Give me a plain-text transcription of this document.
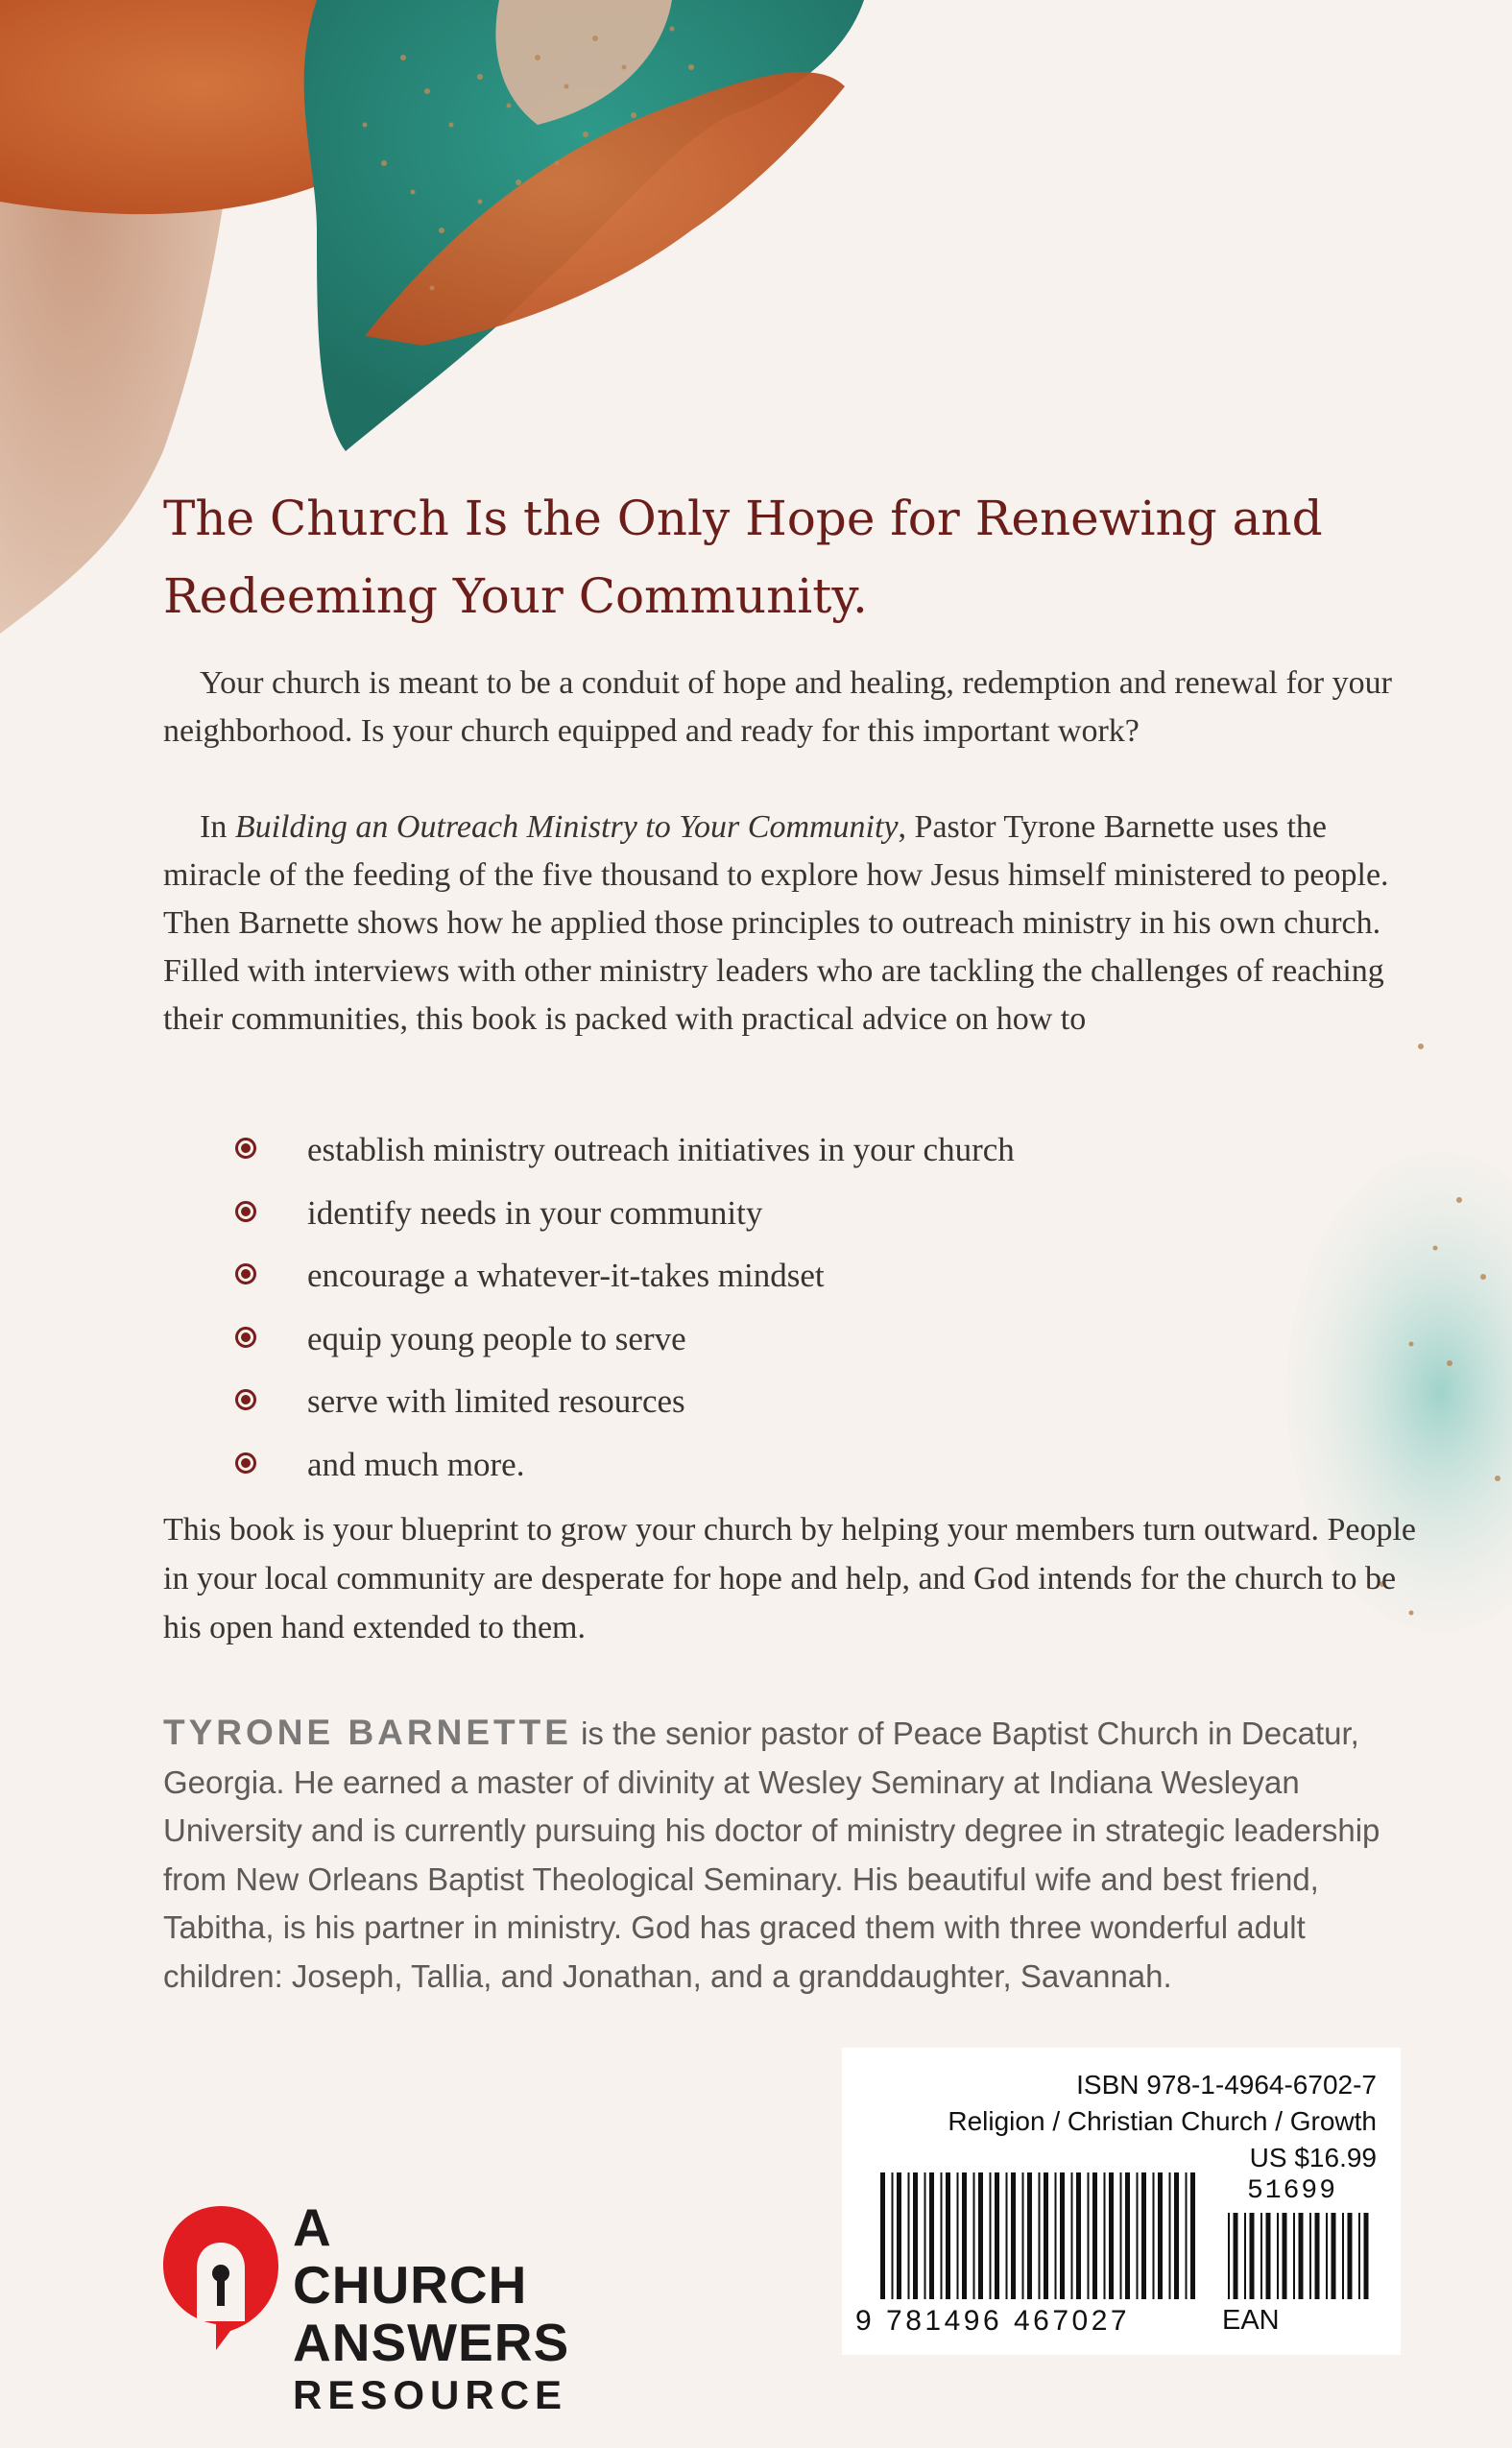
The Church Is the Only Hope for Renewing and
Redeeming Your Community.
Your church is meant to be a conduit of hope and healing, redemption and renewal for your neighborhood. Is your church equipped and ready for this important work?
In Building an Outreach Ministry to Your Community, Pastor Tyrone Barnette uses the miracle of the feeding of the five thousand to explore how Jesus himself ministered to people. Then Barnette shows how he applied those principles to outreach ministry in his own church. Filled with interviews with other ministry leaders who are tackling the challenges of reaching their communities, this book is packed with practical advice on how to
establish ministry outreach initiatives in your church
identify needs in your community
encourage a whatever-it-takes mindset
equip young people to serve
serve with limited resources
and much more.
This book is your blueprint to grow your church by helping your members turn outward. People in your local community are desperate for hope and help, and God intends for the church to be his open hand extended to them.
TYRONE BARNETTE is the senior pastor of Peace Baptist Church in Decatur, Georgia. He earned a master of divinity at Wesley Seminary at Indiana Wesleyan University and is currently pursuing his doctor of ministry degree in strategic leadership from New Orleans Baptist Theological Seminary. His beautiful wife and best friend, Tabitha, is his partner in ministry. God has graced them with three wonderful adult children: Joseph, Tallia, and Jonathan, and a granddaughter, Savannah.
A CHURCH
ANSWERS
RESOURCE
ISBN 978-1-4964-6702-7
Religion / Christian Church / Growth
US $16.99
51699
9 781496 467027	EAN
